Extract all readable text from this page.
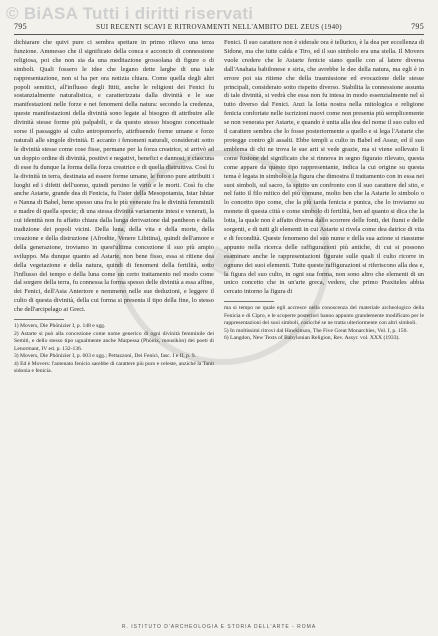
© BiASA Tutti i diritti riservati
◈
795	SUI RECENTI SCAVI E RITROVAMENTI NELL'AMBITO DEL ZEUS (1940)	795

dichiarare che quivi pure ci sembra spettare in primo rilievo una terza funzione. Ammesso che il significato della conca e acconcio di connessione religiosa, poi che non sia da una meditazione grossolana di figure o di simboli. Quali fossero le idee che legano dette larghe di una tale rappresentazione, non si ha per ora notizia chiara. Come quella degli altri popoli semitici, all'influsso degli Ittiti, anche le religioni dei Fenici fu sostanzialmente naturalistica, e caratterizzata dalla divinità e le sue manifestazioni nelle forze e nei fenomeni della natura: secondo la credenza, queste manifestazioni della divinità sono legate al bisogno di attribuire alle divinità stesse forme più palpabili, e da questo stesso bisogno concettuale sorse il passaggio al culto antropomorfo, attribuendo forme umane e forze naturali alle singole divinità. E accanto i fenomeni naturali, considerati sotto le divinità stesse come cose fisse, permane per la forza creatrice, si arrivò ad un doppio ordine di divinità, positivi e negativi, benefici e dannosi, e ciascuna di esse fu dunque la forma della forza creatrice e di quella distruttiva. Così fu la divinità in terra, destinata ad essere forme umane, le furono pure attribuiti i luoghi ed i difetti dell'uomo, quindi persino le virtù e le morti. Così fu che anche Astarte, grande dea di Fenicia, fu l'ister della Mesopotamia, Istar Ishtar o Nanna di Babel, bene spesso una fra le più venerate fra le divinità femminili e madre di quella specie; di una stessa divinità variamente intesi e venerati, la cui identità non fu affatto chiara dalla lunga derivazione dal pantheon e dalla tradizione dei popoli vicini. Della luna, della vita e della morte, della creazione e della distruzione (Afrodite, Venere Libitina), quindi dell'amore e della generazione, troviamo in quest'ultima concezione il suo più ampio sviluppo. Ma dunque quanto ad Astarte, non bene fisso, essa si ritiene dea della vegetazione e della natura, quindi di fenomeni della fertilità, sotto l'influsso del tempo e della luna come un certo trattamento nel modo come dal sorgere della terra, fu connessa la forma spesso delle divinità a essa affine, dei Fenici, dell'Asia Anteriore e nemmeno nelle sue deduzioni, e leggere il culto di questa divinità, della cui forma si presenta il tipo della fine, lo stesso che dell'arcipelago ai Greci.

1) Movers, Die Phönizier I, p. 148 e sgg.

2) Astarte si può alla concezione come nome generico di ogni divinità femminile dei Semiti, e dello stesso tipo ugualmente anche Marpessa (Phönix, mousikòn) dei poeti di Lenormant, IV ed. p. 132-136.

3) Movers, Die Phönizier I, p. 603 e sgg.; Pettazzoni, Dei Fenici, fasc. I e II, p. 9.

4) Ed è Movers: l'antenato fenicio sarebbe di carattere più puro e celeste, anziché la Tanit sidonia e fenicia.

Fenici. Il suo carattere non è siderale ora è tellurico, è la dea per eccellenza di Sidone, ma che tutte calda e Tiro, ed il suo simbolo era una stella. Il Movers vuole credere che le Astarte fenicie siano quelle con al latere diversa dall'Anahata babilonese e siria, che avrebbe le dee della natura, ma egli è in errore poi sia ritiene che della trasmissione ed evocazione delle stesse principali, considerato sotto rispetto diverso. Stabilita la connessione assunta di tale divinità, si vedrà che essa non fu intesa in modo essenzialmente nel sì tutto diverso dal Fenici. Anzi la lotta nostra nella mitologica e religione fenicia confortate nelle iscrizioni nuovi come non presenta più semplicemente se non venerata per Astarte, e quando è unita alla dea del nome il suo culto ed il carattere sembra che lo fosse posteriormente a quello e si lega l'Astarte che protegge contro gli assalti. Ebbe templi a culto in Babel ed Assur, ed il suo emblema di chi ne trova le sue arti si vede grazie, ma si viene sollevato lì come fusione del significato che si rinnova in segno figurato rilevato, questa come appare da questo tipo rappresentante, indica la cui origine su questa tema è legata in simbolo e la figura che dimostra il trattamento con in essa nei suoi simboli, sul sacro, fa spirito un confronto con il suo carattere del sito, e nel fatto il filo mitico del più comune, molto ben che la Astarte lo simbolo o lo concetto tipo come, che la più tarda fenicia e punica, che lo troviamo su monete di questa città e come simbolo di fertilità, ben ad quanto si dica che la lotta, la quale non è affatto diversa dallo scorrere delle fonti, dei fiumi e delle sorgenti, e di tutti gli elementi in cui Astarte si rivela come dea datrice di vita e di fecondità. Queste fenomeno del suo nume e della sua azione si riassume appunto nella ricerca delle raffigurazioni più antiche, di cui si possono esaminare anche le rappresentazioni figurate sulle quali il culto ricorre in ognuno dei suoi elementi. Tutte queste raffigurazioni si riferiscono alla dea e, la figura del suo culto, in ogni sua forma, non sono altro che elementi di un unico concetto che in un'arte greca, vedere, che primo Praxiteles abbia cercato intorno la figura di

ma si tempo ne quale egli accresce nella conoscenza del materiale archeologico della Fenicia e di Cipro, e le scoperte posteriori hanno appunto grandemente modificato per le rappresentazioni dei suoi simboli, cosicché se ne tratta ulteriormente con altri simboli.

5) In moltissimi ritrovi dal Hawkinson, The Five Great Monarchies, Vol. I, p. 150.

6) Langdon, New Texts of Babylonian Religion, Rev. Assyr. vol. XXX (1933).

R. ISTITUTO D'ARCHEOLOGIA E STORIA DELL'ARTE - ROMA
